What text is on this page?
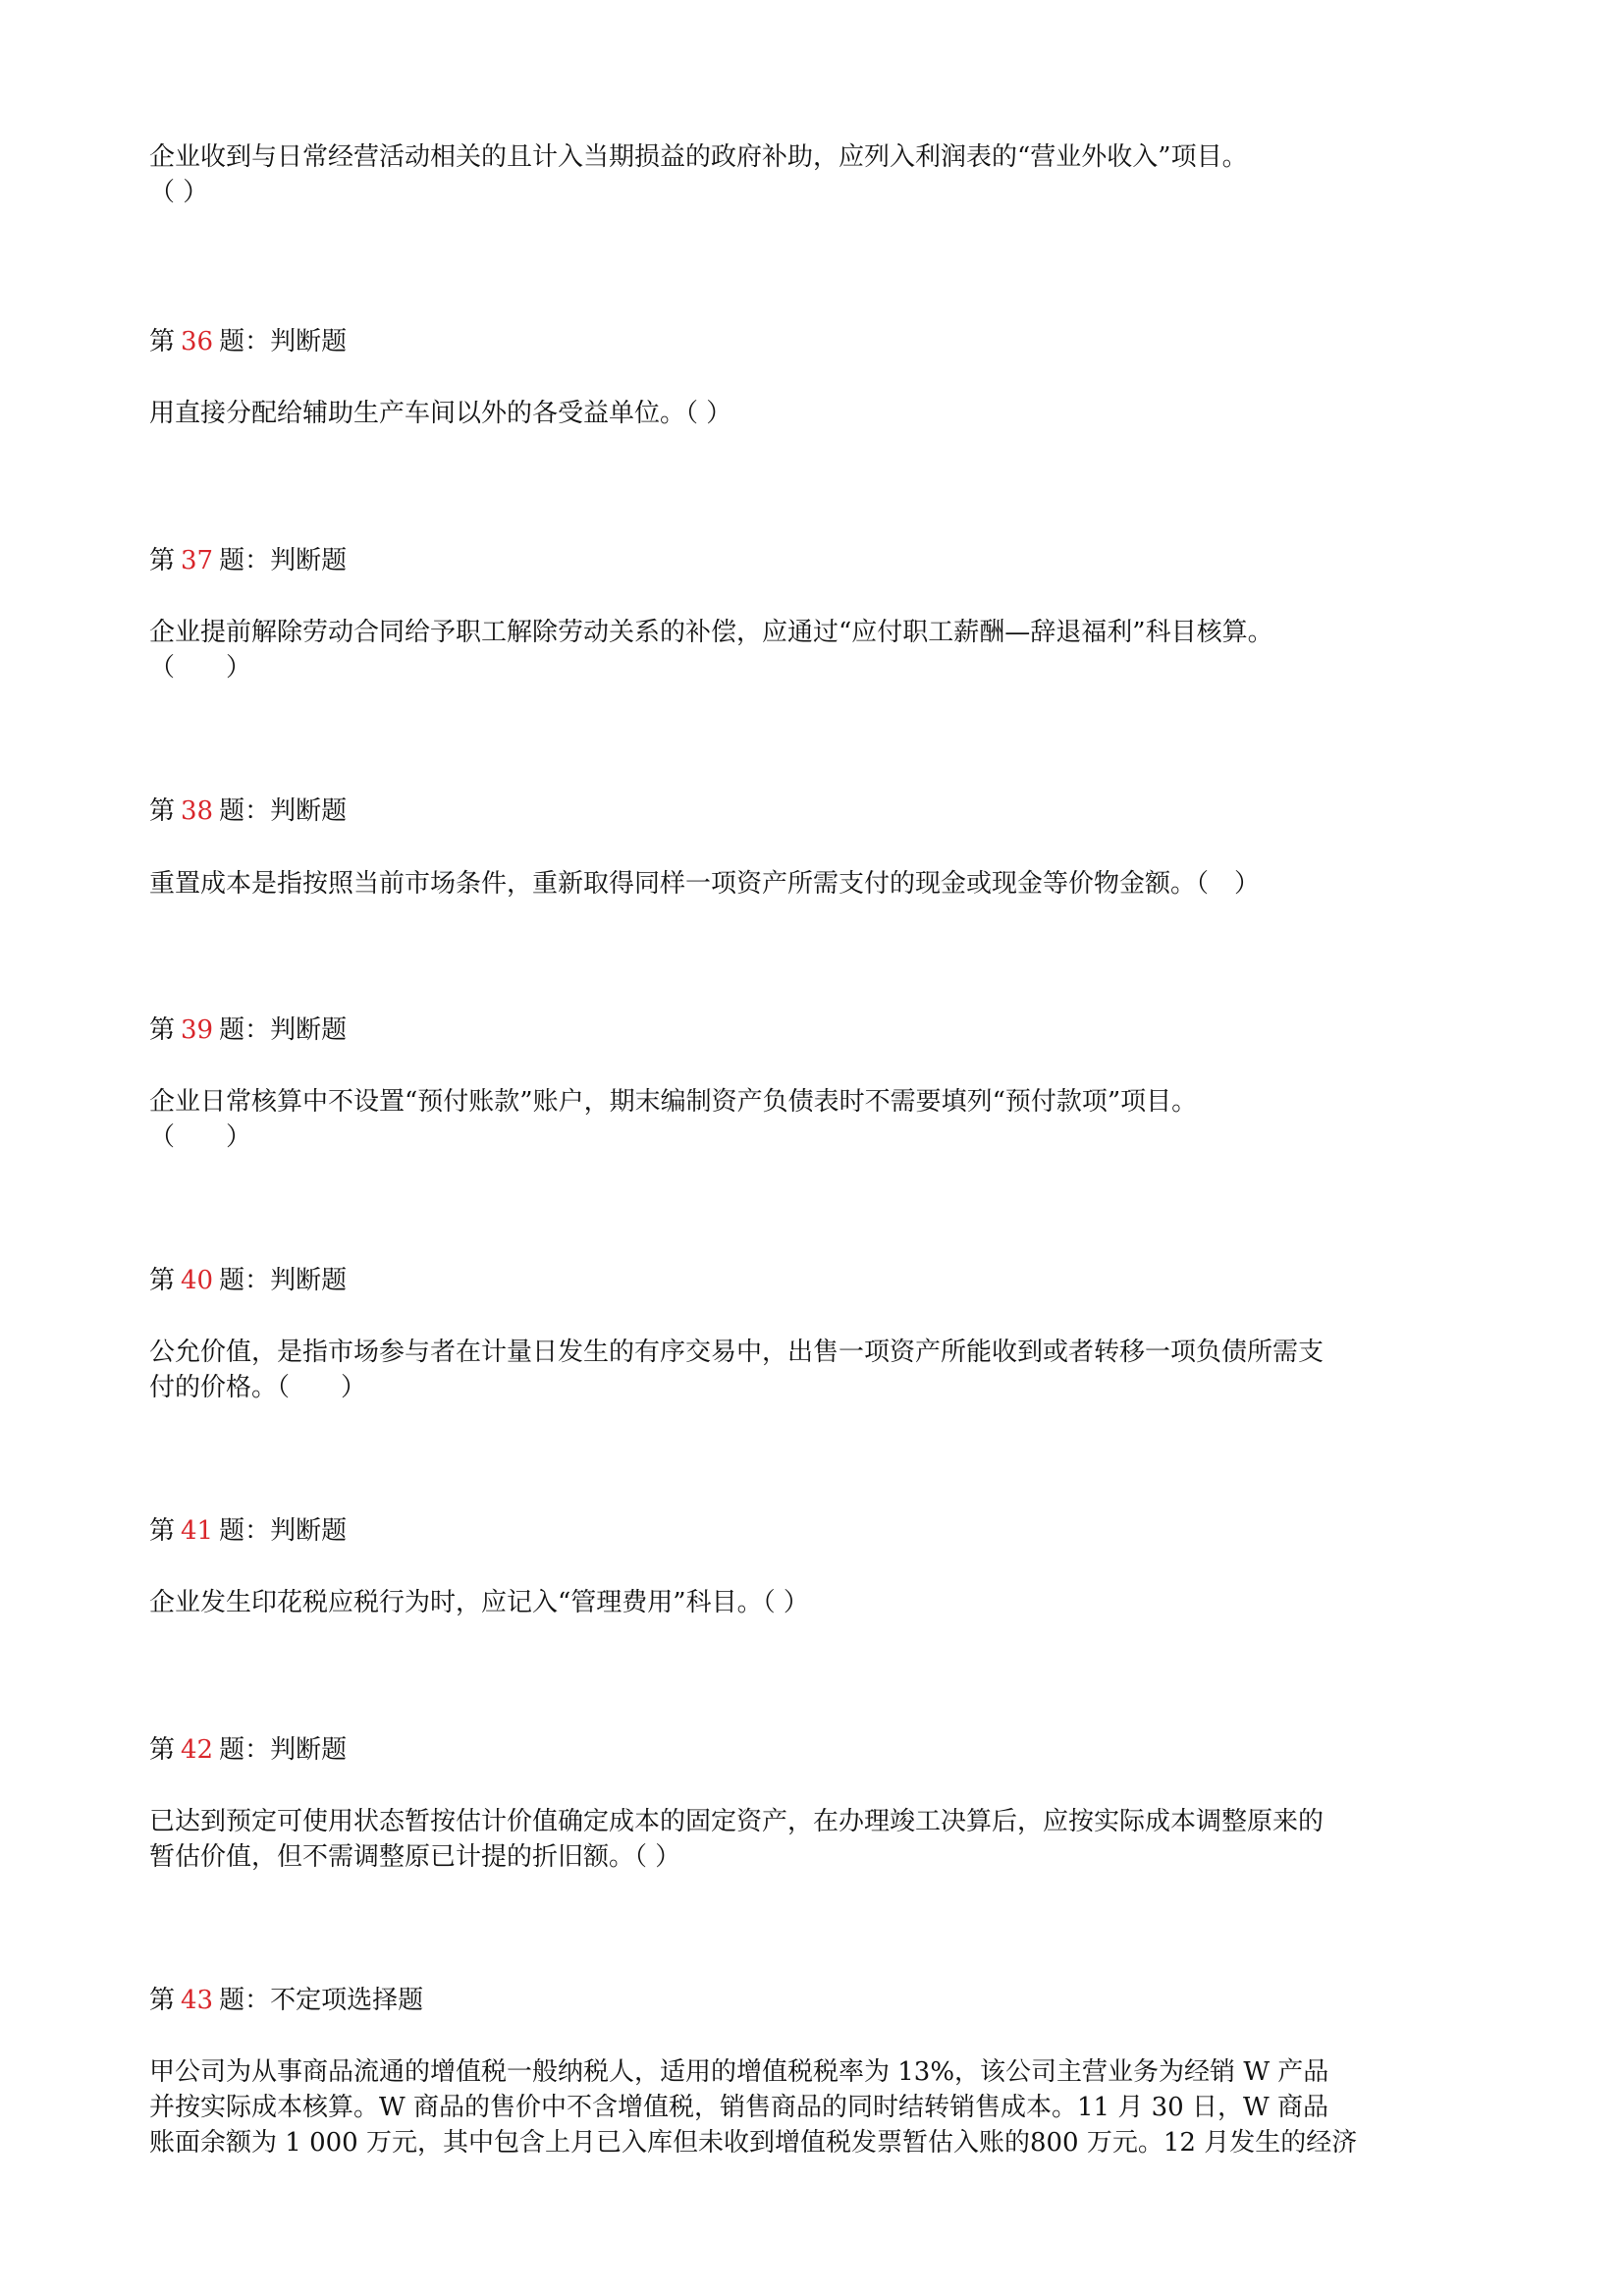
企业收到与日常经营活动相关的且计入当期损益的政府补助，应列入利润表的“营业外收入”项目。
（ ）
第 36 题：判断题
用直接分配给辅助生产车间以外的各受益单位。（ ）
第 37 题：判断题
企业提前解除劳动合同给予职工解除劳动关系的补偿，应通过“应付职工薪酬—辞退福利”科目核算。
（　　）
第 38 题：判断题
重置成本是指按照当前市场条件，重新取得同样一项资产所需支付的现金或现金等价物金额。（　）
第 39 题：判断题
企业日常核算中不设置“预付账款”账户，期末编制资产负债表时不需要填列“预付款项”项目。
（　　）
第 40 题：判断题
公允价值，是指市场参与者在计量日发生的有序交易中，出售一项资产所能收到或者转移一项负债所需支
付的价格。（　　）
第 41 题：判断题
企业发生印花税应税行为时，应记入“管理费用”科目。（ ）
第 42 题：判断题
已达到预定可使用状态暂按估计价值确定成本的固定资产，在办理竣工决算后，应按实际成本调整原来的
暂估价值，但不需调整原已计提的折旧额。（ ）
第 43 题：不定项选择题
甲公司为从事商品流通的增值税一般纳税人，适用的增值税税率为 13%，该公司主营业务为经销 W 产品
并按实际成本核算。W 商品的售价中不含增值税，销售商品的同时结转销售成本。11 月 30 日，W 商品
账面余额为 1 000 万元，其中包含上月已入库但未收到增值税发票暂估入账的800 万元。12 月发生的经济
